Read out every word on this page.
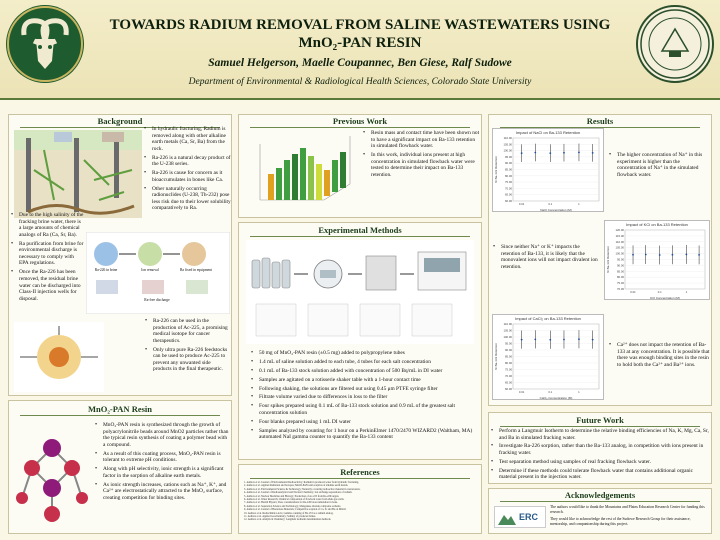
TOWARDS RADIUM REMOVAL FROM SALINE WASTEWATERS USING
MnO₂-PAN RESIN
Samuel Helgerson, Maelle Coupannec, Ben Giese, Ralf Sudowe
Department of Environmental & Radiological Health Sciences, Colorado State University
Background
• In hydraulic fracturing, Radium is removed along with other alkaline earth metals (Ca, Sr, Ba) from the rock.
• Ra-226 is a natural decay product of the U-238 series.
• Ra-226 is cause for concern as it bioaccumulates in bones like Ca.
• Other naturally occurring radionuclides (U-238, Th-232) pose less risk due to their lower solubility comparatively to Ra.
• Due to the high salinity of the fracking brine water, there is a large amounts of chemical analogs of Ra (Ca, Sr, Ba).
• Ra purification from brine for environmental discharge is necessary to comply with EPA regulations.
• Once the Ra-226 has been removed, the residual brine water can be discharged into Class-II injection wells for disposal.
Ra-226 in brine	Ion removal	Ra fixed in equipment
Ra-free discharge
• Ra-226 can be used in the production of Ac-225, a promising medical isotope for cancer therapeutics.
• Only ultra pure Ra-226 feedstocks can be used to produce Ac-225 to prevent any unwanted side products in the final therapeutic.
MnO₂-PAN Resin
• MnO₂-PAN resin is synthesized through the growth of polyacrylonitrile beads around MnO2 particles rather than the typical resin synthesis of coating a polymer bead with a compound.
• As a result of this coating process, MnO₂-PAN resin is tolerant to extreme pH conditions.
• Along with pH selectivity, ionic strength is a significant factor in the sorption of alkaline earth metals.
• As ionic strength increases, cations such as Na⁺, K⁺, and Ca²⁺ are electrostatically attracted to the MnO₂ surface, creating competition for binding sites.
Previous Work
• Resin mass and contact time have been shown not to have a significant impact on Ba-133 retention in simulated flowback water.
• In this work, individual ions present at high concentration in simulated flowback water were tested to determine their impact on Ba-133 retention.
Experimental Methods
• 50 mg of MnO₂-PAN resin (±0.5 mg) added to polypropylene tubes
• 1.4 mL of saline solution added to each tube, 4 tubes for each salt concentration
• 0.1 mL of Ba-133 stock solution added with concentration of 500 Bq/mL in DI water
• Samples are agitated on a rotisserie shaker table with a 1-hour contact time
• Following shaking, the solutions are filtered out using 0.45 μm PTFE syringe filter
• Filtrate volume varied due to differences in loss to the filter
• Four spikes prepared using 0.1 mL of Ba-133 stock solution and 0.9 mL of the greatest salt concentration solution
• Four blanks prepared using 1 mL DI water
• Samples analyzed by counting for 1 hour on a PerkinElmer 1470/2470 WIZARD2 (Waltham, MA) automated NaI gamma counter to quantify the Ba-133 content
References

1. Authors et al. Journal of Environmental Radioactivity; Radium in produced water from hydraulic fracturing.

2. Authors et al. Applied Radiation and Isotopes; MnO2-PAN resin sorption of alkaline earth metals.

3. Authors et al. Environmental Science & Technology; Naturally occurring radioactive material in wastewaters.

4. Authors et al. Journal of Radioanalytical and Nuclear Chemistry; Ion exchange separations of radium.

5. Authors et al. Nuclear Medicine and Biology; Production of Ac-225 from Ra-226 targets.

6. Authors et al. Water Research; Chemical composition of flowback water from shale gas wells.

7. Authors et al. Health Physics; Dose considerations for Ra-226 bioaccumulation in bone.

8. Authors et al. Separation Science and Technology; Manganese dioxide composite sorbents.

9. Authors et al. Journal of Hazardous Materials; Competitive sorption of Ca, Sr and Ba on MnO2.

10. Authors et al. Radiochimica Acta; Gamma counting of Ba-133 as a radium analog.

11. Authors et al. Applied Geochemistry; Salinity of produced brines.

12. Authors et al. Analytical Chemistry; Langmuir isotherm determination methods.

Results
Impact of NaCl on Ba-133 Retention
110.00
105.00
100.00
95.00
90.00
85.00
80.00
75.00
70.00
65.00
60.00
0.01	0.1	1
NaCl Concentration (M)
% Ba-133 Retention
• The higher concentration of Na⁺ in this experiment is higher than the concentration of Na⁺ in the simulated flowback water.
Impact of KCl on Ba-133 Retention
120.00
115.00
110.00
105.00
100.00
95.00
90.00
85.00
80.00
75.00
70.00
0.01	0.1	1
KCl Concentration (M)
% Ba-133 Retention
• Since neither Na⁺ or K⁺ impacts the retention of Ba-133, it is likely that the monovalent ions will not impact divalent ion retention.
Impact of CaCl₂ on Ba-133 Retention
110.00
105.00
100.00
95.00
90.00
85.00
80.00
75.00
70.00
65.00
60.00
0.01	0.1	1
CaCl₂ Concentration (M)
% Ba-133 Retention
•	Ca²⁺ does not impact the retention of Ba-133 at any concentration. It is possible that there was enough binding sites in the resin to hold both the Ca²⁺ and Ba²⁺ ions.
Future Work
• Perform a Langmuir Isotherm to determine the relative binding efficiencies of Na, K, Mg, Ca, Sr, and Ba in simulated fracking water.
• Investigate Ra-226 sorption, rather than the Ba-133 analog, in competition with ions present in fracking water.
• Test separation method using samples of real fracking flowback water.
• Determine if these methods could tolerate flowback water that contains additional organic material present in the injection water.
Acknowledgements
ERC
The authors would like to thank the Mountains and Plains Education Research Center for funding this research.
They would like to acknowledge the rest of the Sudowe Research Group for their assistance, mentorship, and companionship during this project.
